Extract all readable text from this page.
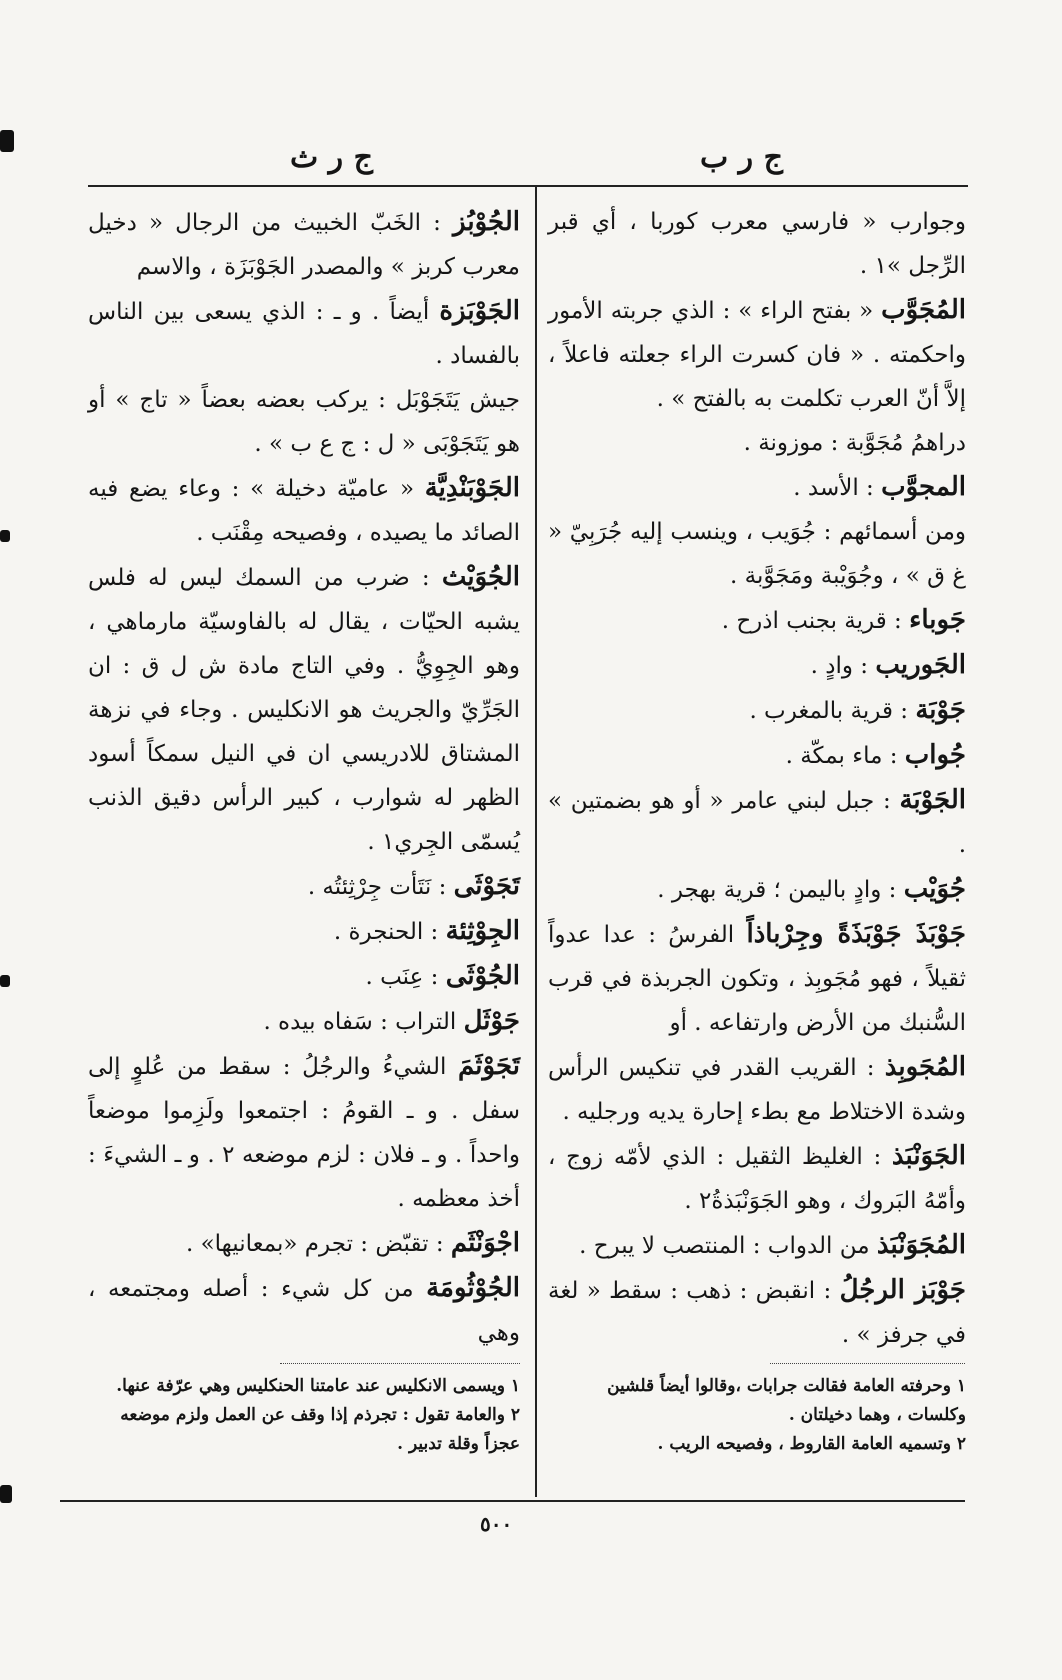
ج ر ث	ج ر ب

وجوارب « فارسي معرب كوربا ، أي قبر الرِّجل »١ .

المُجَوَّب « بفتح الراء » : الذي جربته الأمور واحكمته . « فان كسرت الراء جعلته فاعلاً ، إلاَّ أنّ العرب تكلمت به بالفتح » .

دراهمُ مُجَوَّبة : موزونة .

المجوَّب : الأسد .

ومن أسمائهم : جُوَيب ، وينسب إليه جُرَبِيّ « غ ق » ، وجُوَيْبة ومَجَوَّبة .

جَوباء : قرية بجنب اذرح .

الجَوريب : وادٍ .

جَوْبَة : قرية بالمغرب .

جُواب : ماء بمكّة .

الجَوْبَة : جبل لبني عامر « أو هو بضمتين » .

جُوَيْب : وادٍ باليمن ؛ قرية بهجر .

جَوْبَذَ جَوْبَذَةً وجِرْباذاً الفرسُ : عدا عدواً ثقيلاً ، فهو مُجَوبِذ ، وتكون الجربذة في قرب السُّنبك من الأرض وارتفاعه . أو

المُجَوبِذ : القريب القدر في تنكيس الرأس وشدة الاختلاط مع بطء إحارة يديه ورجليه .

الجَوَنْبَذ : الغليظ الثقيل : الذي لأمّه زوج ، وأمّهُ البَروك ، وهو الجَوَنْبَذةُ٢ .

المُجَوَنْبَذ من الدواب : المنتصب لا يبرح .

جَوْبَز الرجُلُ : انقبض : ذهب : سقط « لغة في جرفز » .

الجُوْبُز : الخَبّ الخبيث من الرجال « دخيل معرب كربز » والمصدر الجَوْبَزَة ، والاسم

الجَوْبَزة أيضاً . و ـ : الذي يسعى بين الناس بالفساد .

جيش يَتَجَوْبَل : يركب بعضه بعضاً « تاج » أو هو يَتَجَوْبَى « ل : ج ع ب » .

الجَوْبَنْدِيَّة « عاميّة دخيلة » : وعاء يضع فيه الصائد ما يصيده ، وفصيحه مِقْنَب .

الجُوَيْث : ضرب من السمك ليس له فلس يشبه الحيّات ، يقال له بالفاوسيّة مارماهي ، وهو الجِوِيُّ . وفي التاج مادة ش ل ق : ان الجَرِّيّ والجريث هو الانكليس . وجاء في نزهة المشتاق للادريسي ان في النيل سمكاً أسود الظهر له شوارب ، كبير الرأس دقيق الذنب يُسمّى الجِري١ .

تَجَوْثَى : نَتَأت جِرْثِئتُه .

الجِوْثِئة : الحنجرة .

الجُوْثَى : عِنَب .

جَوْثَل التراب : سَفاه بيده .

تَجَوْثَمَ الشيءُ والرجُلُ : سقط من عُلوٍ إلى سفل . و ـ القومُ : اجتمعوا ولَزِموا موضعاً واحداً . و ـ فلان : لزم موضعه ٢ . و ـ الشيءَ : أخذ معظمه .

اجْوَنْثَم : تقبّض : تجرم «بمعانيها» .

الجُوْثُومَة من كل شيء : أصله ومجتمعه ، وهي

١ وحرفته العامة فقالت جرابات ،وقالوا أيضاً قلشين وكلسات ، وهما دخيلتان .

٢ وتسميه العامة القاروط ، وفصيحه الريب .

١ ويسمى الانكليس عند عامتنا الحنكليس وهي عرّفة عنها.

٢ والعامة تقول : تجرذم إذا وقف عن العمل ولزم موضعه عجزاً وقلة تدبير .

٥٠٠
